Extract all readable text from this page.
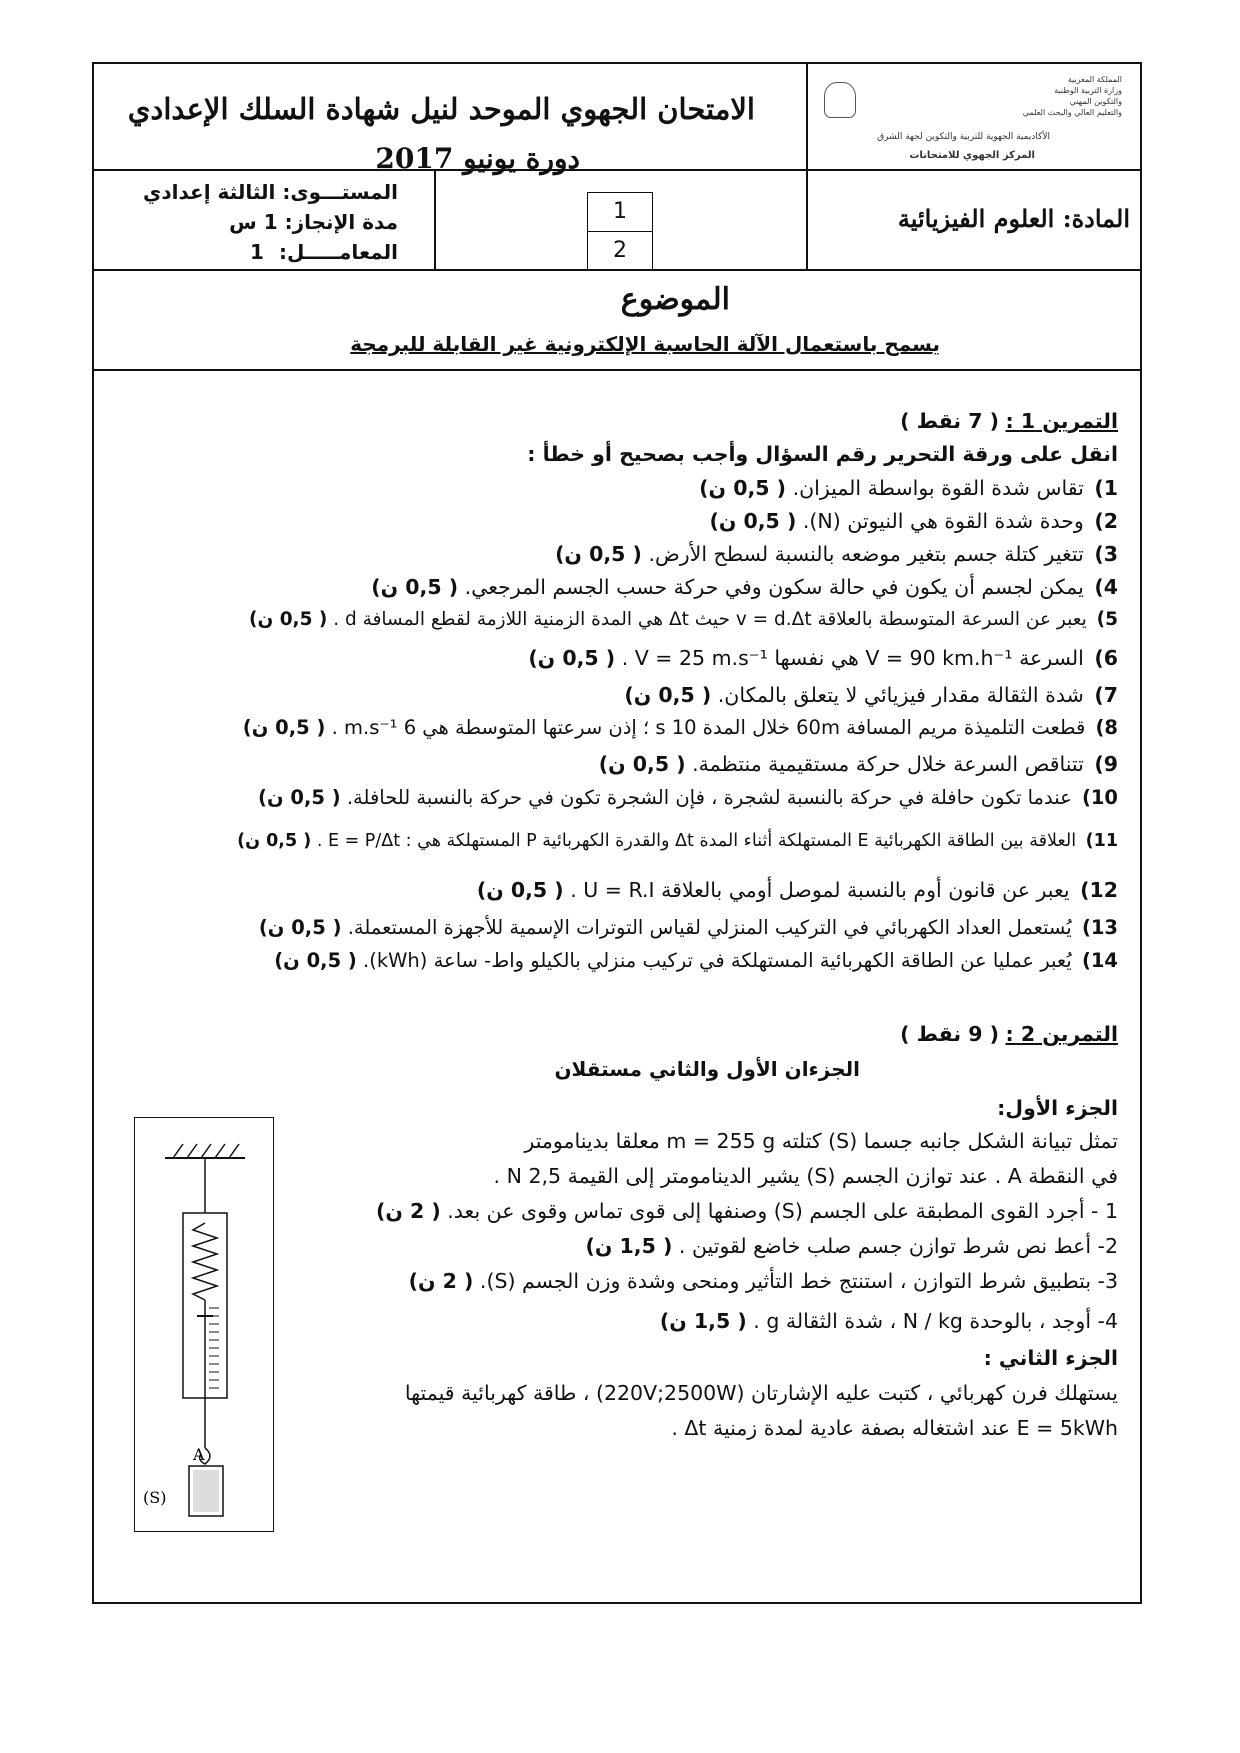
الامتحان الجهوي الموحد لنيل شهادة السلك الإعدادي
دورة يونيو 2017
المملكة المغربية
وزارة التربية الوطنية
والتكوين المهني
والتعليم العالي والبحث العلمي
الأكاديمية الجهوية للتربية والتكوين لجهة الشرق
المركز الجهوي للامتحانات
المستـــوى: الثالثة إعدادي
مدة الإنجاز: 1 س
المعامـــــل:
1
1
2
المادة: العلوم الفيزيائية
الموضوع
يسمح باستعمال الآلة الحاسبة الإلكترونية غير القابلة للبرمجة
التمرين 1 : ( 7 نقط )
انقل على ورقة التحرير رقم السؤال وأجب بصحيح أو خطأ :
1) تقاس شدة القوة بواسطة الميزان. ( 0,5 ن)
2) وحدة شدة القوة هي النيوتن (N). ( 0,5 ن)
3) تتغير كتلة جسم بتغير موضعه بالنسبة لسطح الأرض. ( 0,5 ن)
4) يمكن لجسم أن يكون في حالة سكون وفي حركة حسب الجسم المرجعي. ( 0,5 ن)
5) يعبر عن السرعة المتوسطة بالعلاقة v = d.Δt حيث Δt هي المدة الزمنية اللازمة لقطع المسافة d . ( 0,5 ن)
6) السرعة V = 90 km.h⁻¹ هي نفسها V = 25 m.s⁻¹ . ( 0,5 ن)
7) شدة الثقالة مقدار فيزيائي لا يتعلق بالمكان. ( 0,5 ن)
8) قطعت التلميذة مريم المسافة 60m خلال المدة 10 s ؛ إذن سرعتها المتوسطة هي 6 m.s⁻¹ . ( 0,5 ن)
9) تتناقص السرعة خلال حركة مستقيمية منتظمة. ( 0,5 ن)
10) عندما تكون حافلة في حركة بالنسبة لشجرة ، فإن الشجرة تكون في حركة بالنسبة للحافلة. ( 0,5 ن)
11) العلاقة بين الطاقة الكهربائية E المستهلكة أثناء المدة Δt والقدرة الكهربائية P المستهلكة هي : E = P/Δt . ( 0,5 ن)
12) يعبر عن قانون أوم بالنسبة لموصل أومي بالعلاقة U = R.I . ( 0,5 ن)
13) يُستعمل العداد الكهربائي في التركيب المنزلي لقياس التوترات الإسمية للأجهزة المستعملة. ( 0,5 ن)
14) يُعبر عمليا عن الطاقة الكهربائية المستهلكة في تركيب منزلي بالكيلو واط- ساعة (kWh). ( 0,5 ن)
التمرين 2 : ( 9 نقط )
الجزءان الأول والثاني مستقلان
الجزء الأول:
تمثل تبيانة الشكل جانبه جسما (S) كتلته m = 255 g معلقا بدينامومتر
في النقطة A . عند توازن الجسم (S) يشير الدينامومتر إلى القيمة 2,5 N .
1 - أجرد القوى المطبقة على الجسم (S) وصنفها إلى قوى تماس وقوى عن بعد. ( 2 ن)
2- أعط نص شرط توازن جسم صلب خاضع لقوتين . ( 1,5 ن)
3- بتطبيق شرط التوازن ، استنتج خط التأثير ومنحى وشدة وزن الجسم (S). ( 2 ن)
4- أوجد ، بالوحدة N / kg ، شدة الثقالة g . ( 1,5 ن)
الجزء الثاني :
يستهلك فرن كهربائي ، كتبت عليه الإشارتان (220V;2500W) ، طاقة كهربائية قيمتها
E = 5kWh عند اشتغاله بصفة عادية لمدة زمنية Δt .
A
(S)
